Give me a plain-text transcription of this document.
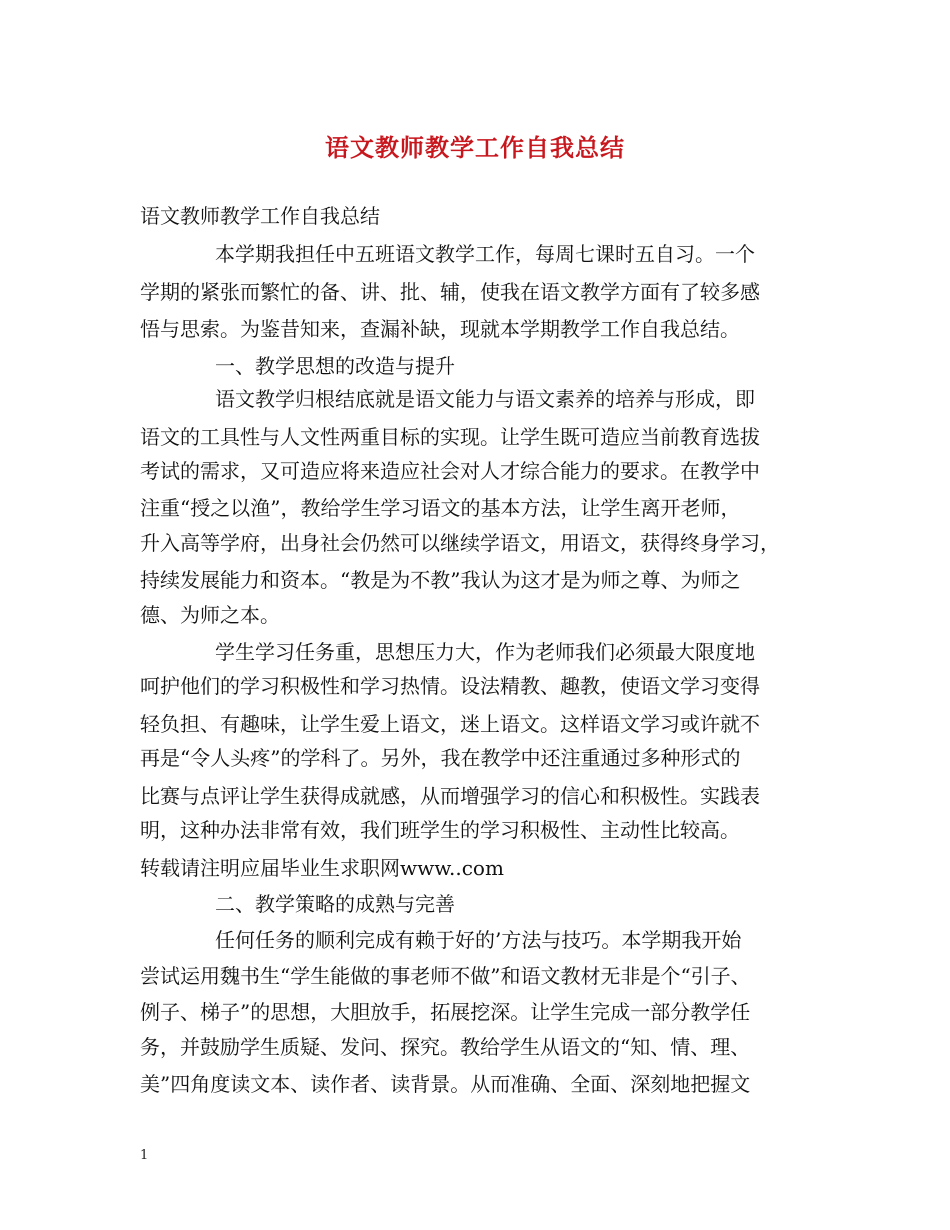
语文教师教学工作自我总结
语文教师教学工作自我总结
本学期我担任中五班语文教学工作，每周七课时五自习。一个
学期的紧张而繁忙的备、讲、批、辅，使我在语文教学方面有了较多感
悟与思索。为鉴昔知来，查漏补缺，现就本学期教学工作自我总结。
一、教学思想的改造与提升
语文教学归根结底就是语文能力与语文素养的培养与形成，即
语文的工具性与人文性两重目标的实现。让学生既可造应当前教育选拔
考试的需求，又可造应将来造应社会对人才综合能力的要求。在教学中
注重“授之以渔”，教给学生学习语文的基本方法，让学生离开老师，
升入高等学府，出身社会仍然可以继续学语文，用语文，获得终身学习，
持续发展能力和资本。“教是为不教”我认为这才是为师之尊、为师之
德、为师之本。
学生学习任务重，思想压力大，作为老师我们必须最大限度地
呵护他们的学习积极性和学习热情。设法精教、趣教，使语文学习变得
轻负担、有趣味，让学生爱上语文，迷上语文。这样语文学习或许就不
再是“令人头疼”的学科了。另外，我在教学中还注重通过多种形式的
比赛与点评让学生获得成就感，从而增强学习的信心和积极性。实践表
明，这种办法非常有效，我们班学生的学习积极性、主动性比较高。
转载请注明应届毕业生求职网www..com
二、教学策略的成熟与完善
任何任务的顺利完成有赖于好的’方法与技巧。本学期我开始
尝试运用魏书生“学生能做的事老师不做”和语文教材无非是个“引子、
例子、梯子”的思想，大胆放手，拓展挖深。让学生完成一部分教学任
务，并鼓励学生质疑、发问、探究。教给学生从语文的“知、情、理、
美”四角度读文本、读作者、读背景。从而准确、全面、深刻地把握文
1
